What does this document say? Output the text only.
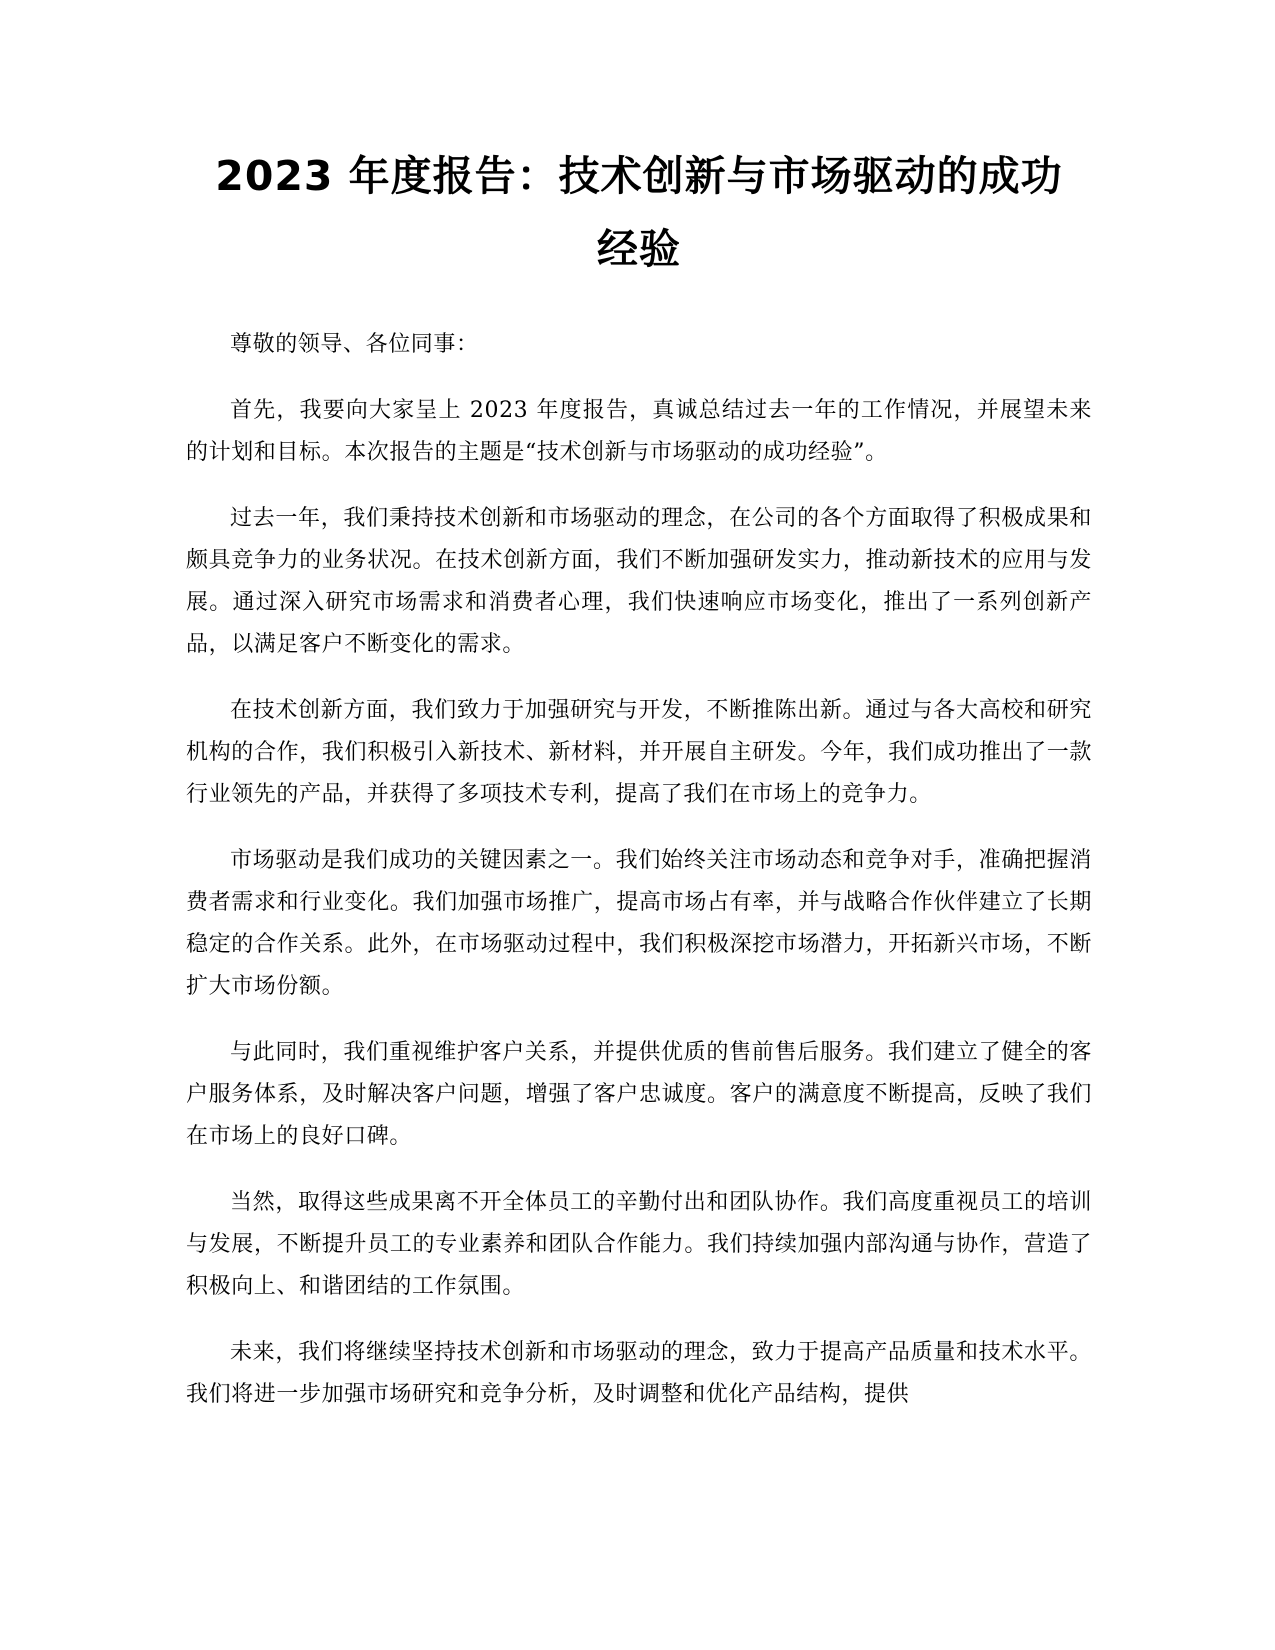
2023 年度报告：技术创新与市场驱动的成功
经验

尊敬的领导、各位同事：

首先，我要向大家呈上 2023 年度报告，真诚总结过去一年的工作情况，并展望未来的计划和目标。本次报告的主题是“技术创新与市场驱动的成功经验”。

过去一年，我们秉持技术创新和市场驱动的理念，在公司的各个方面取得了积极成果和颇具竞争力的业务状况。在技术创新方面，我们不断加强研发实力，推动新技术的应用与发展。通过深入研究市场需求和消费者心理，我们快速响应市场变化，推出了一系列创新产品，以满足客户不断变化的需求。

在技术创新方面，我们致力于加强研究与开发，不断推陈出新。通过与各大高校和研究机构的合作，我们积极引入新技术、新材料，并开展自主研发。今年，我们成功推出了一款行业领先的产品，并获得了多项技术专利，提高了我们在市场上的竞争力。

市场驱动是我们成功的关键因素之一。我们始终关注市场动态和竞争对手，准确把握消费者需求和行业变化。我们加强市场推广，提高市场占有率，并与战略合作伙伴建立了长期稳定的合作关系。此外，在市场驱动过程中，我们积极深挖市场潜力，开拓新兴市场，不断扩大市场份额。

与此同时，我们重视维护客户关系，并提供优质的售前售后服务。我们建立了健全的客户服务体系，及时解决客户问题，增强了客户忠诚度。客户的满意度不断提高，反映了我们在市场上的良好口碑。

当然，取得这些成果离不开全体员工的辛勤付出和团队协作。我们高度重视员工的培训与发展，不断提升员工的专业素养和团队合作能力。我们持续加强内部沟通与协作，营造了积极向上、和谐团结的工作氛围。

未来，我们将继续坚持技术创新和市场驱动的理念，致力于提高产品质量和技术水平。我们将进一步加强市场研究和竞争分析，及时调整和优化产品结构，提供
